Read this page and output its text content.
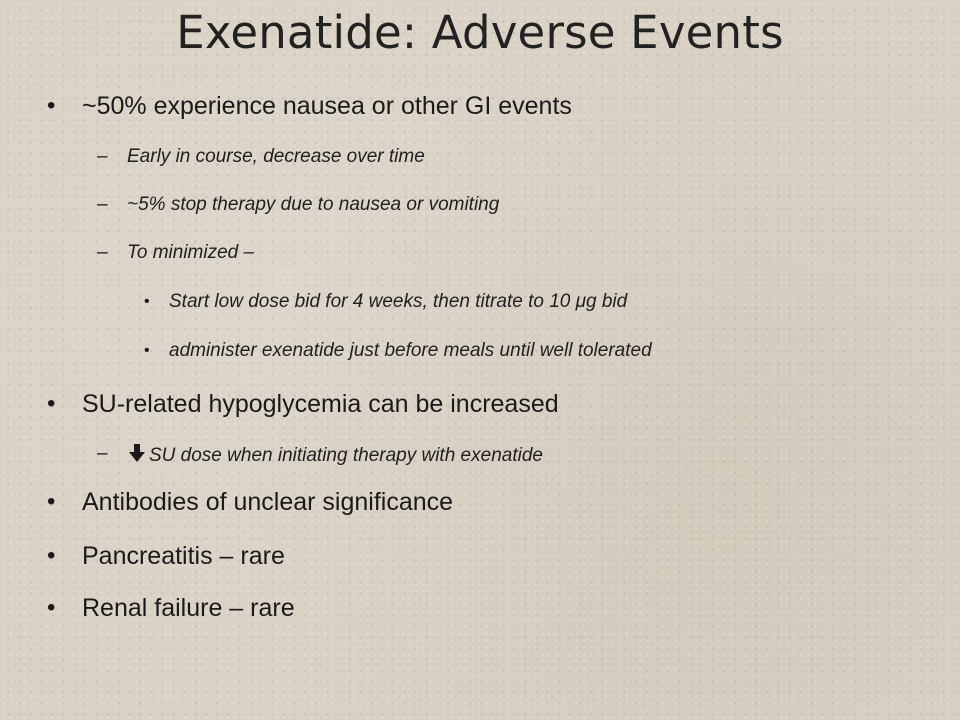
Exenatide: Adverse Events
• ~50% experience nausea or other GI events
– Early in course, decrease over time
– ~5% stop therapy due to nausea or vomiting
– To minimized –
• Start low dose bid for 4 weeks, then titrate to 10 μg bid
• administer exenatide just before meals until well tolerated
• SU-related hypoglycemia can be increased
–	SU dose when initiating therapy with exenatide
• Antibodies of unclear significance
• Pancreatitis – rare
• Renal failure – rare
